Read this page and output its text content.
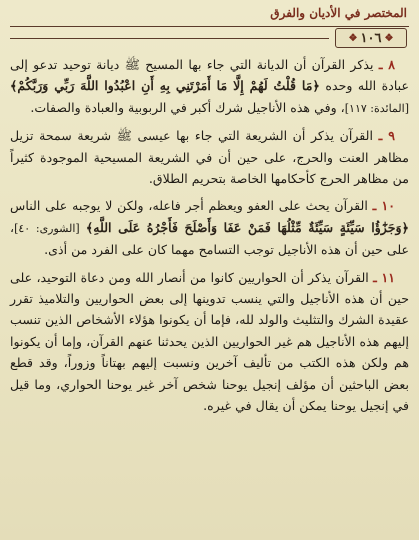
المختصر في الأديان والفرق
❖ ١٠٦ ❖

٨ ـ يذكر القرآن أن الديانة التي جاء بها المسيح ﷺ ديانة توحيد تدعو إلى عبادة الله وحده ﴿مَا قُلْتُ لَهُمْ إِلَّا مَا أَمَرْتَنِي بِهِ أَنِ اعْبُدُوا اللَّهَ رَبِّي وَرَبَّكُمْ﴾ [المائدة: ١١٧]، وفي هذه الأناجيل شرك أكبر في الربوبية والعبادة والصفات.

٩ ـ القرآن يذكر أن الشريعة التي جاء بها عيسى ﷺ شريعة سمحة تزيل مظاهر العنت والحرج، على حين أن في الشريعة المسيحية الموجودة كثيراً من مظاهر الحرج كأحكامها الخاصة بتحريم الطلاق.

١٠ ـ القرآن يحث على العفو ويعظم أجر فاعله، ولكن لا يوجبه على الناس ﴿وَجَزَٰٓؤُا سَيِّئَةٍ سَيِّئَةٌ مِّثْلُهَا فَمَنْ عَفَا وَأَصْلَحَ فَأَجْرُهُ عَلَى اللَّهِ﴾ [الشورى: ٤٠]، على حين أن هذه الأناجيل توجب التسامح مهما كان على الفرد من أذى.

١١ ـ القرآن يذكر أن الحواريين كانوا من أنصار الله ومن دعاة التوحيد، على حين أن هذه الأناجيل والتي ينسب تدوينها إلى بعض الحواريين والتلاميذ تقرر عقيدة الشرك والتثليث والولد لله، فإما أن يكونوا هؤلاء الأشخاص الذين تنسب إليهم هذه الأناجيل هم غير الحواريين الذين يحدثنا عنهم القرآن، وإما أن يكونوا هم ولكن هذه الكتب من تأليف آخرين ونسبت إليهم بهتاناً وزوراً، وقد قطع بعض الباحثين أن مؤلف إنجيل يوحنا شخص آخر غير يوحنا الحواري، وما قيل في إنجيل يوحنا يمكن أن يقال في غيره.
